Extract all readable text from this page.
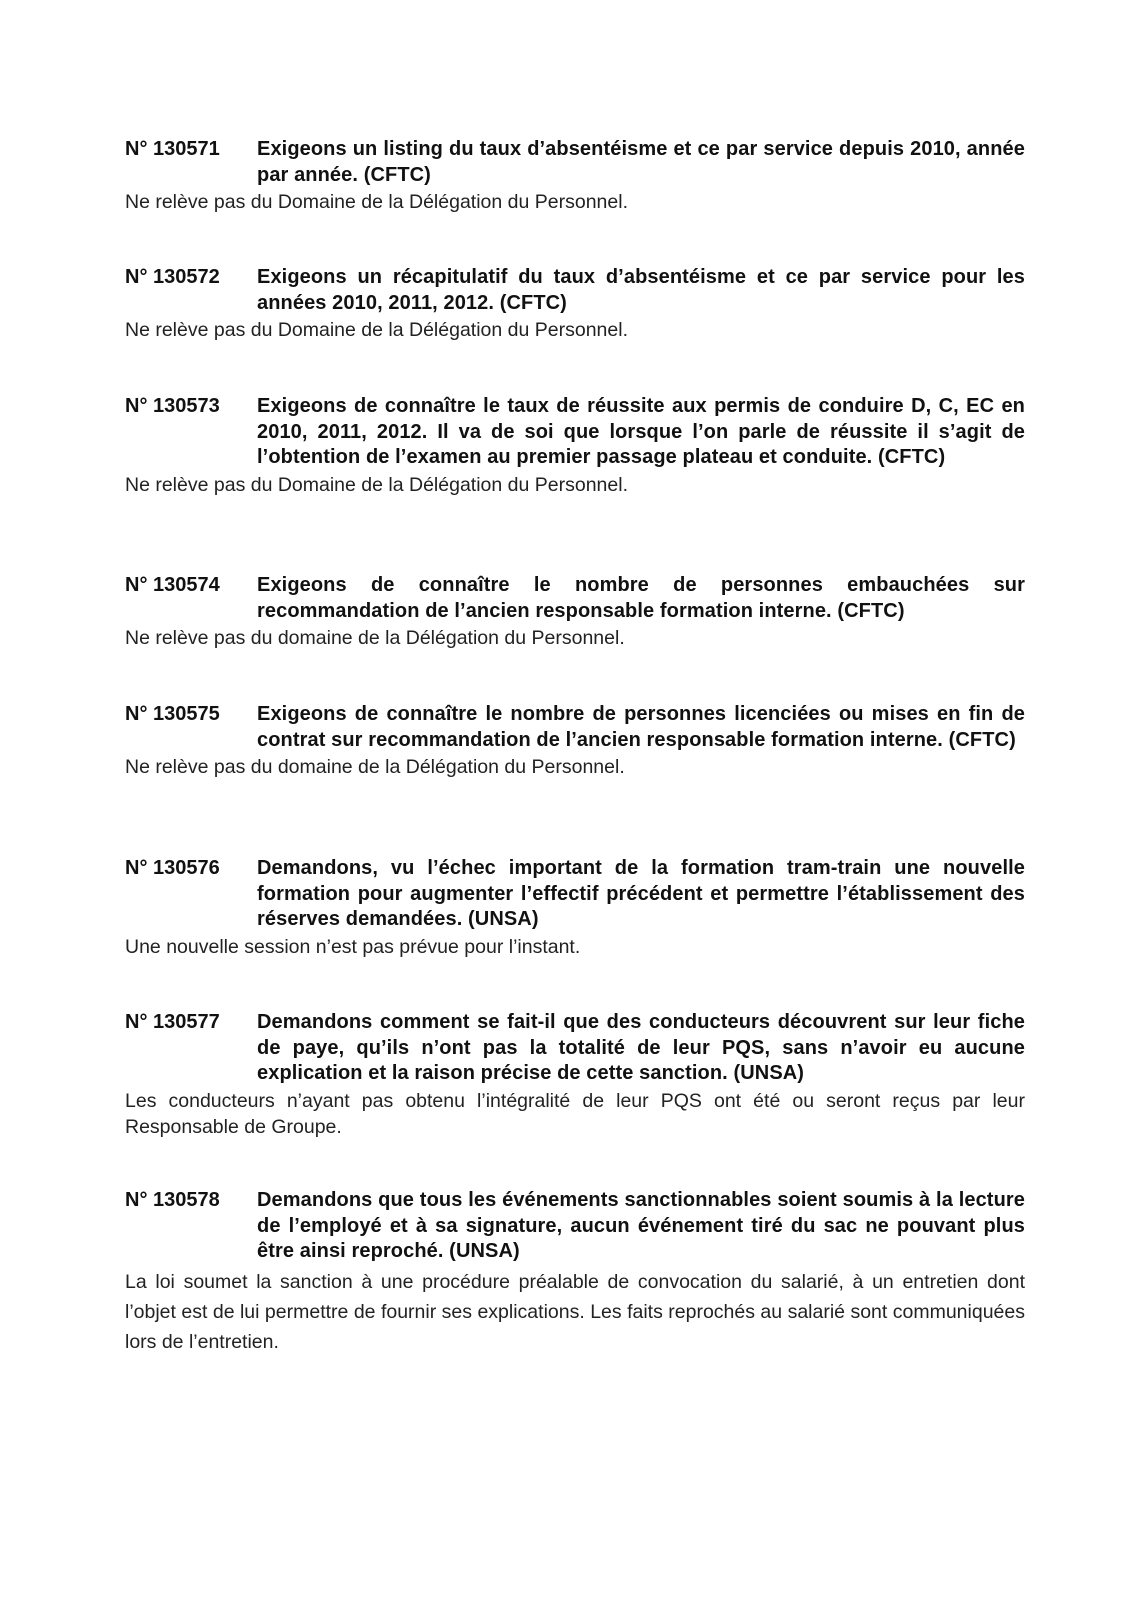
N° 130571	Exigeons un listing du taux d’absentéisme et ce par service depuis 2010, année par année. (CFTC)
Ne relève pas du Domaine de la Délégation du Personnel.
N° 130572	Exigeons un récapitulatif du taux d’absentéisme et ce par service pour les années 2010, 2011, 2012. (CFTC)
Ne relève pas du Domaine de la Délégation du Personnel.
N° 130573	Exigeons de connaître le taux de réussite aux permis de conduire D, C, EC en 2010, 2011, 2012. Il va de soi que lorsque l’on parle de réussite il s’agit de l’obtention de l’examen au premier passage plateau et conduite. (CFTC)
Ne relève pas du Domaine de la Délégation du Personnel.
N° 130574	Exigeons de connaître le nombre de personnes embauchées sur recommandation de l’ancien responsable formation interne. (CFTC)
Ne relève pas du domaine de la Délégation du Personnel.
N° 130575	Exigeons de connaître le nombre de personnes licenciées ou mises en fin de contrat sur recommandation de l’ancien responsable formation interne. (CFTC)
Ne relève pas du domaine de la Délégation du Personnel.
N° 130576	Demandons, vu l’échec important de la formation tram-train une nouvelle formation pour augmenter l’effectif précédent et permettre l’établissement des réserves demandées. (UNSA)
Une nouvelle session n’est pas prévue pour l’instant.
N° 130577	Demandons comment se fait-il que des conducteurs découvrent sur leur fiche de paye, qu’ils n’ont pas la totalité de leur PQS, sans n’avoir eu aucune explication et la raison précise de cette sanction. (UNSA)
Les conducteurs n’ayant pas obtenu l’intégralité de leur PQS ont été ou seront reçus par leur Responsable de Groupe.
N° 130578	Demandons que tous les événements sanctionnables soient soumis à la lecture de l’employé et à sa signature, aucun événement tiré du sac ne pouvant plus être ainsi reproché. (UNSA)
La loi soumet la sanction à une procédure préalable de convocation du salarié, à un entretien dont l’objet est de lui permettre de fournir ses explications. Les faits reprochés au salarié sont communiquées lors de l’entretien.
